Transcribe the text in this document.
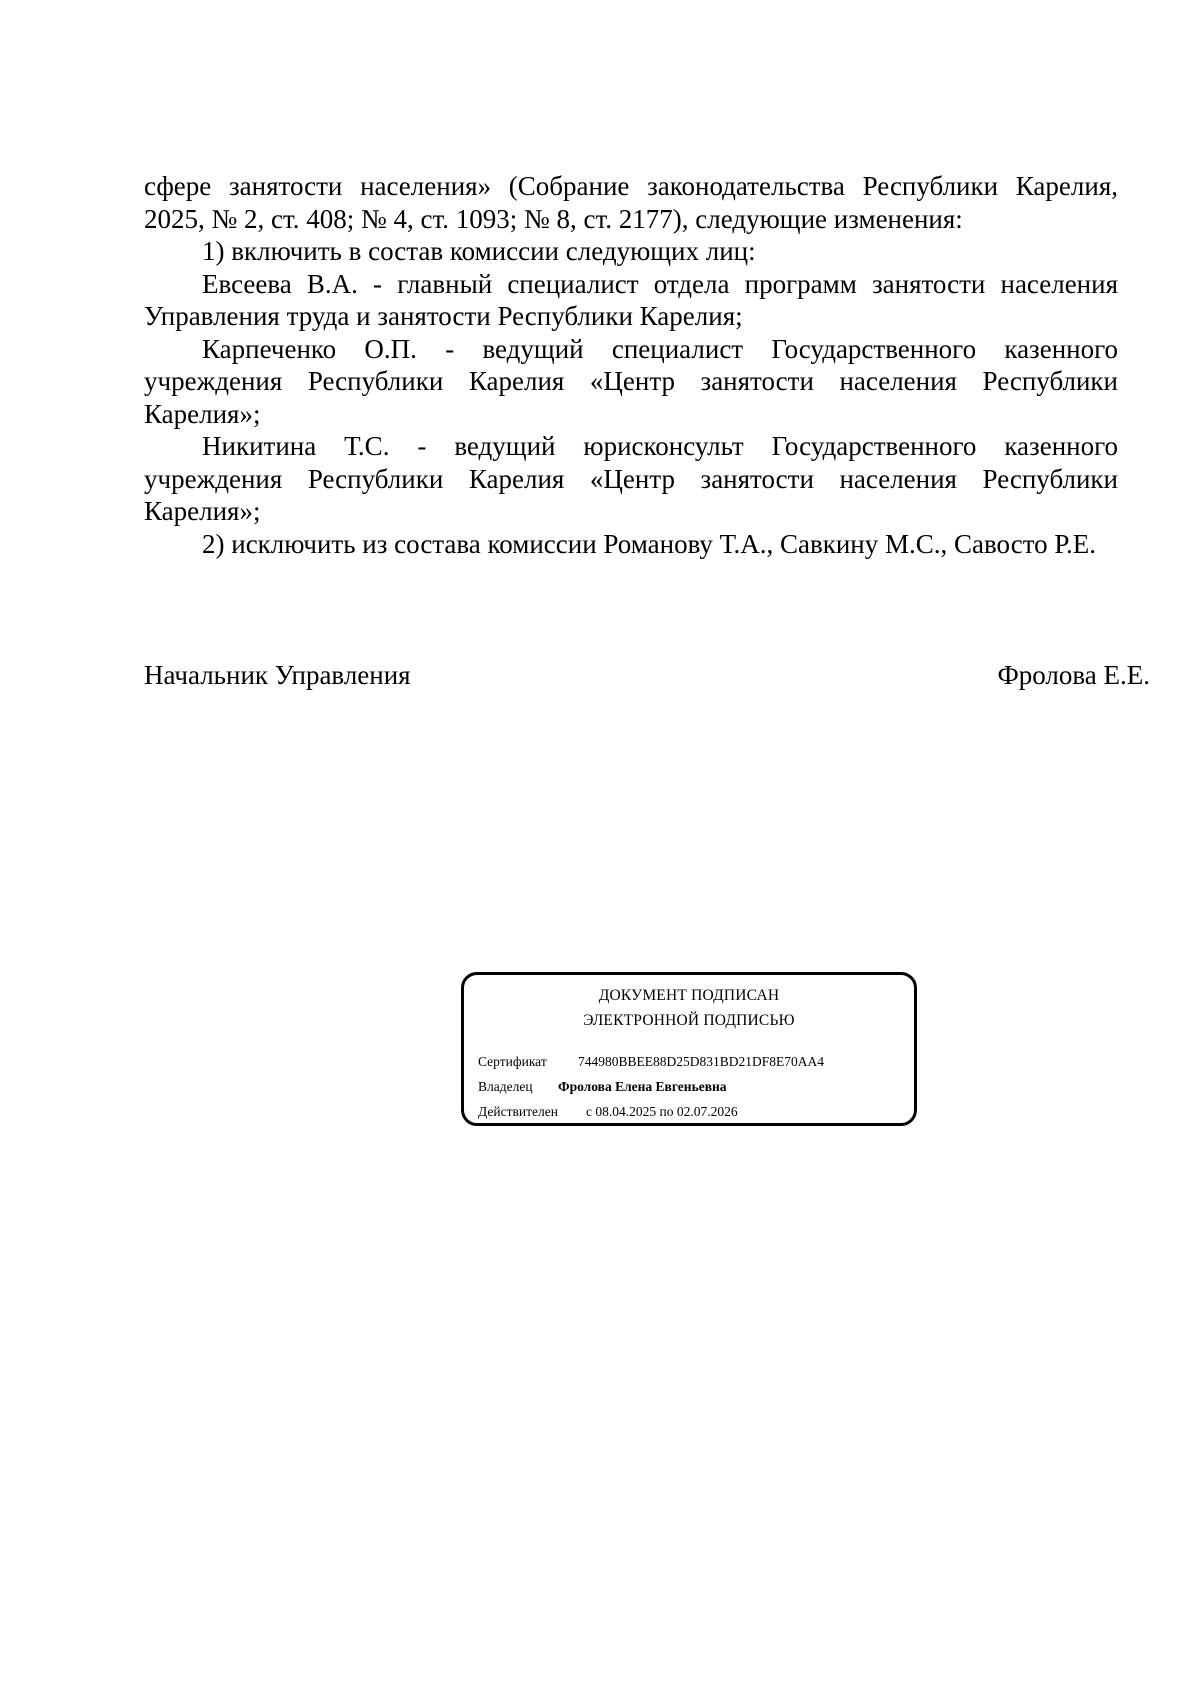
сфере занятости населения» (Собрание законодательства Республики Карелия, 2025, № 2, ст. 408; № 4, ст. 1093; № 8, ст. 2177), следующие изменения:

1) включить в состав комиссии следующих лиц:

Евсеева В.А. - главный специалист отдела программ занятости населения Управления труда и занятости Республики Карелия;

Карпеченко О.П. - ведущий специалист Государственного казенного учреждения Республики Карелия «Центр занятости населения Республики Карелия»;

Никитина Т.С. - ведущий юрисконсульт Государственного казенного учреждения Республики Карелия «Центр занятости населения Республики Карелия»;

2) исключить из состава комиссии Романову Т.А., Савкину М.С., Савосто Р.Е.

Начальник Управления	Фролова Е.Е.
ДОКУМЕНТ ПОДПИСАН
ЭЛЕКТРОННОЙ ПОДПИСЬЮ
Сертификат 744980BBEE88D25D831BD21DF8E70AA4
Владелец Фролова Елена Евгеньевна
Действителен с 08.04.2025 по 02.07.2026
